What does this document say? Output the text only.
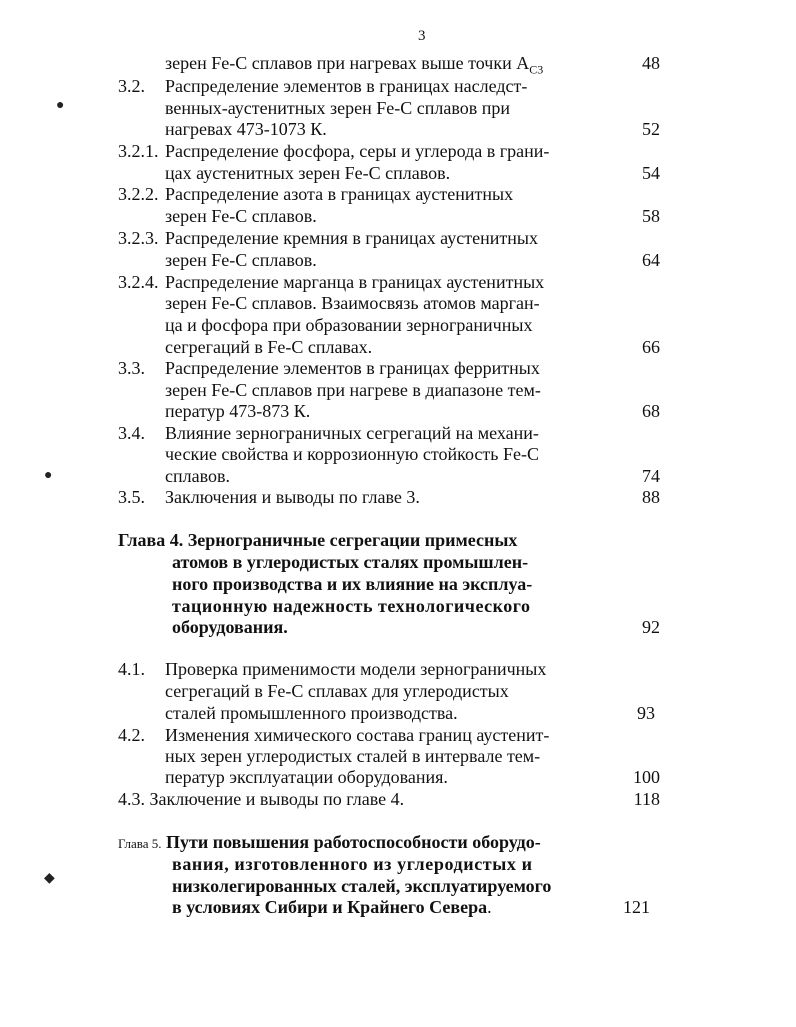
3
зерен Fe-C сплавов при нагревах выше точки $A_{C3}$	48
3.2. Распределение элементов в границах наследст-
венных-аустенитных зерен Fe-C сплавов при
нагревах 473-1073 К.	52
3.2.1. Распределение фосфора, серы и углерода в грани-
цах аустенитных зерен Fe-C сплавов.	54
3.2.2. Распределение азота в границах аустенитных
зерен Fe-C сплавов.	58
3.2.3. Распределение кремния в границах аустенитных
зерен Fe-C сплавов.	64
3.2.4. Распределение марганца в границах аустенитных
зерен Fe-C сплавов. Взаимосвязь атомов марган-
ца и фосфора при образовании зернограничных
сегрегаций в Fe-C сплавах.	66
3.3. Распределение элементов в границах ферритных
зерен Fe-C сплавов при нагреве в диапазоне тем-
ператур 473-873 К.	68
3.4. Влияние зернограничных сегрегаций на механи-
ческие свойства и коррозионную стойкость Fe-C
сплавов.	74
3.5. Заключения и выводы по главе 3.	88
Глава 4. Зернограничные сегрегации примесных
атомов в углеродистых сталях промышлен-
ного производства и их влияние на эксплуа-
тационную надежность технологического
оборудования.	92
4.1. Проверка применимости модели зернограничных
сегрегаций в Fe-C сплавах для углеродистых
сталей промышленного производства.	93
4.2. Изменения химического состава границ аустенит-
ных зерен углеродистых сталей в интервале тем-
ператур эксплуатации оборудования.	100
4.3. Заключение и выводы по главе 4.	118
Глава 5. Пути повышения работоспособности оборудо-
вания, изготовленного из углеродистых и
низколегированных сталей, эксплуатируемого
в условиях Сибири и Крайнего Севера.	121
●
●
◆
